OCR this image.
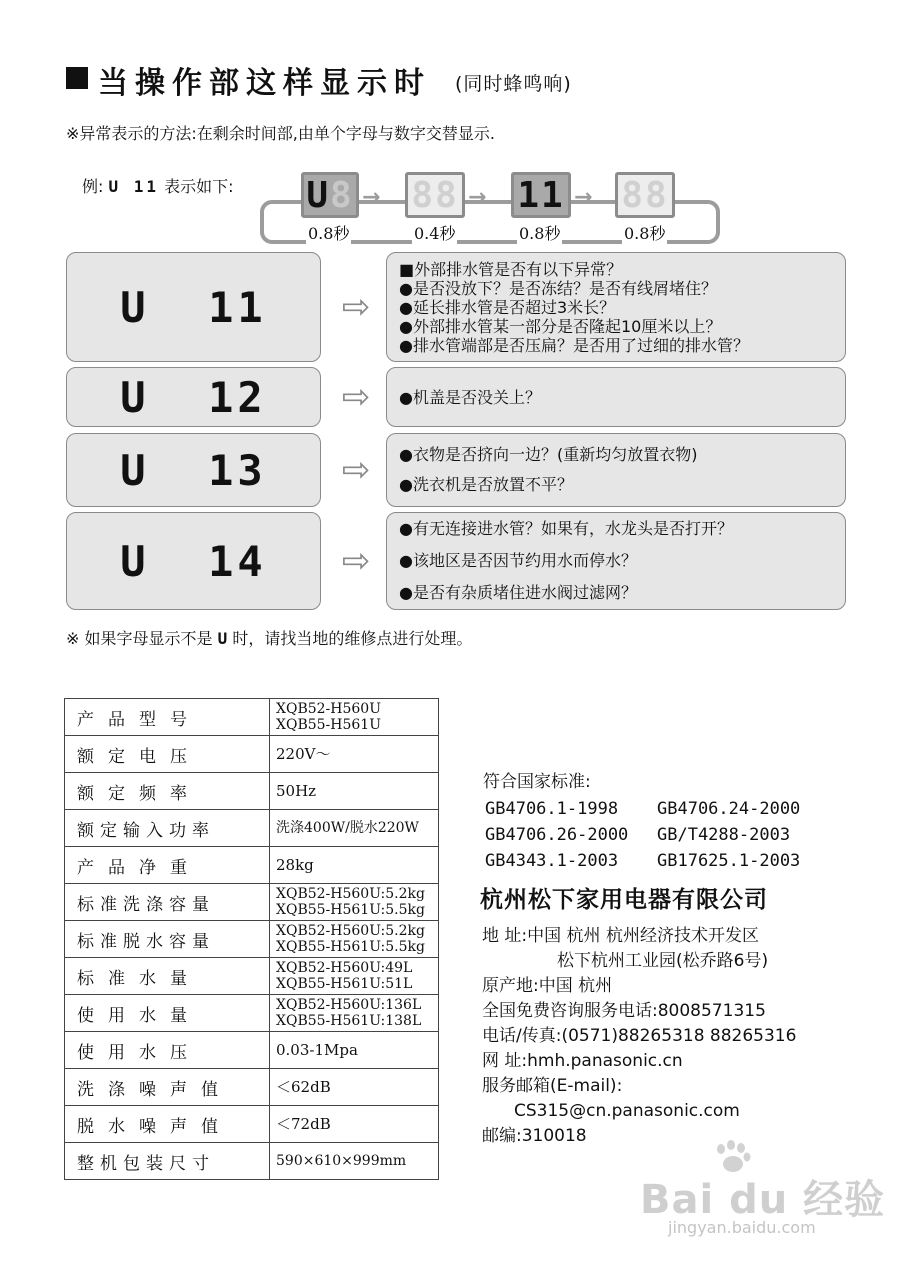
当操作部这样显示时 (同时蜂鸣响)
※异常表示的方法:在剩余时间部,由单个字母与数字交替显示.
例: U 11 表示如下: U 8 → 88 → 11 → 88
0.8秒	0.4秒	0.8秒	0.8秒
U  11	⇨
■外部排水管是否有以下异常？
●是否没放下？是否冻结？是否有线屑堵住？
●延长排水管是否超过3米长？
●外部排水管某一部分是否隆起10厘米以上？
●排水管端部是否压扁？是否用了过细的排水管？
U  12	⇨	●机盖是否没关上？
U  13	⇨	●衣物是否挤向一边？(重新均匀放置衣物)
●洗衣机是否放置不平？
U  14	⇨
●有无连接进水管？如果有，水龙头是否打开？
●该地区是否因节约用水而停水？
●是否有杂质堵住进水阀过滤网？
※ 如果字母显示不是 U 时，请找当地的维修点进行处理。
产品型号	XQB52-H560U
XQB55-H561U

额定电压	220V～
额定频率	50Hz
额定输入功率	洗涤400W/脱水220W
产品净重	28kg
标准洗涤容量	XQB52-H560U:5.2kg
XQB55-H561U:5.5kg

标准脱水容量	XQB52-H560U:5.2kg
XQB55-H561U:5.5kg

标准水量	XQB52-H560U:49L
XQB55-H561U:51L

使用水量	XQB52-H560U:136L
XQB55-H561U:138L

使用水压	0.03-1Mpa
洗涤噪声值	＜62dB
脱水噪声值	＜72dB
整机包装尺寸	590×610×999mm
符合国家标准:
GB4706.1-1998	GB4706.24-2000
GB4706.26-2000	GB/T4288-2003
GB4343.1-2003	GB17625.1-2003
杭州松下家用电器有限公司
地 址:中国 杭州 杭州经济技术开发区
松下杭州工业园(松乔路6号)
原产地:中国 杭州
全国免费咨询服务电话:8008571315
电话/传真:(0571)88265318 88265316
网 址:hmh.panasonic.cn
服务邮箱(E-mail):
CS315@cn.panasonic.com
邮编:310018
Bai du 经验
jingyan.baidu.com
